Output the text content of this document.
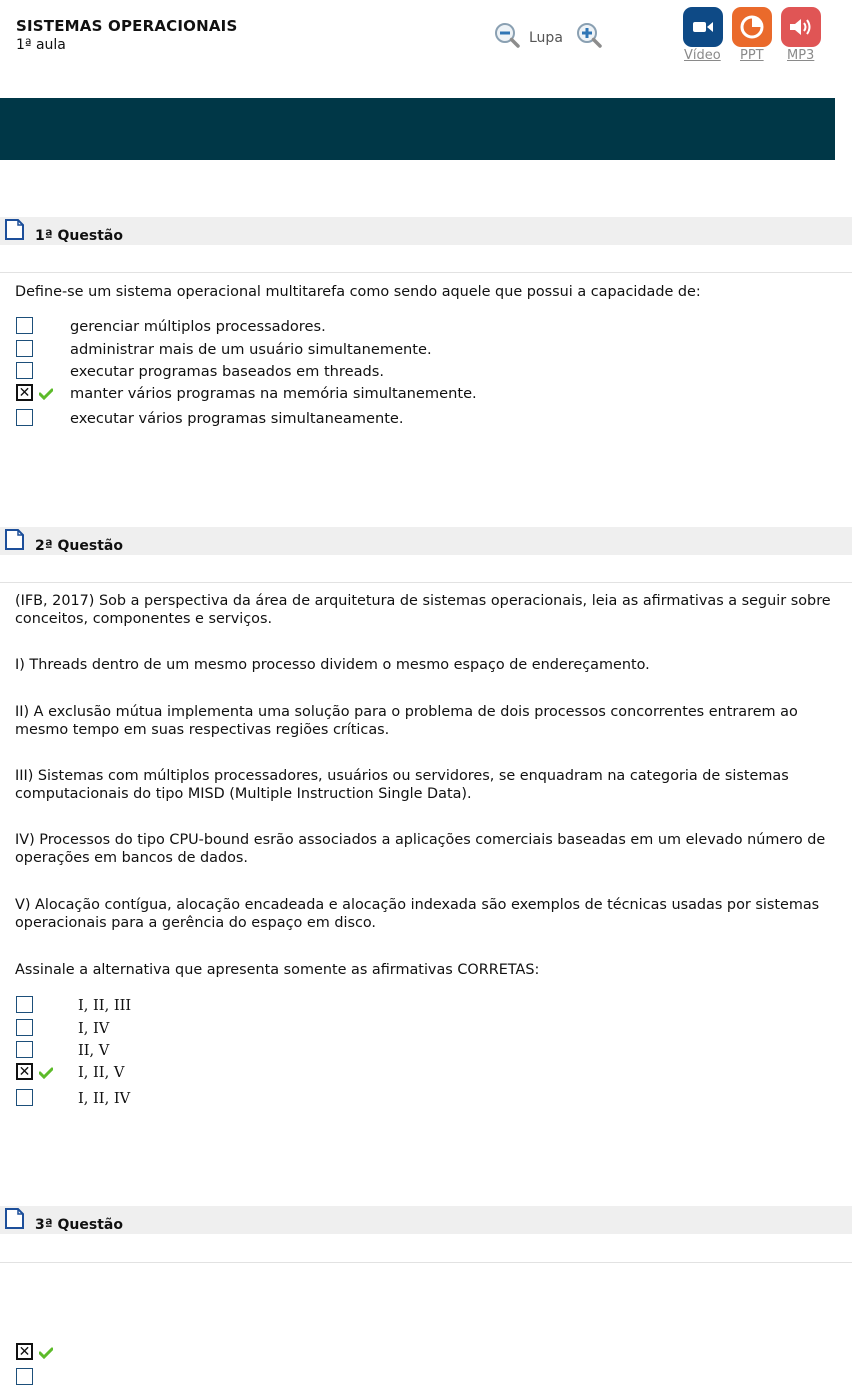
SISTEMAS OPERACIONAIS
1ª aula	Lupa
Vídeo PPT MP3
1ª Questão
Define-se um sistema operacional multitarefa como sendo aquele que possui a capacidade de:
gerenciar múltiplos processadores.
administrar mais de um usuário simultanemente.
executar programas baseados em threads.
✕	manter vários programas na memória simultanemente.
executar vários programas simultaneamente.
2ª Questão
(IFB, 2017) Sob a perspectiva da área de arquitetura de sistemas operacionais, leia as afirmativas a seguir sobre conceitos, componentes e serviços.
I) Threads dentro de um mesmo processo dividem o mesmo espaço de endereçamento.
II) A exclusão mútua implementa uma solução para o problema de dois processos concorrentes entrarem ao mesmo tempo em suas respectivas regiões críticas.
III) Sistemas com múltiplos processadores, usuários ou servidores, se enquadram na categoria de sistemas computacionais do tipo MISD (Multiple Instruction Single Data).
IV) Processos do tipo CPU-bound esrão associados a aplicações comerciais baseadas em um elevado número de operações em bancos de dados.
V) Alocação contígua, alocação encadeada e alocação indexada são exemplos de técnicas usadas por sistemas operacionais para a gerência do espaço em disco.
Assinale a alternativa que apresenta somente as afirmativas CORRETAS:
I, II, III
I, IV
II, V
✕	I, II, V
I, II, IV
3ª Questão
✕
